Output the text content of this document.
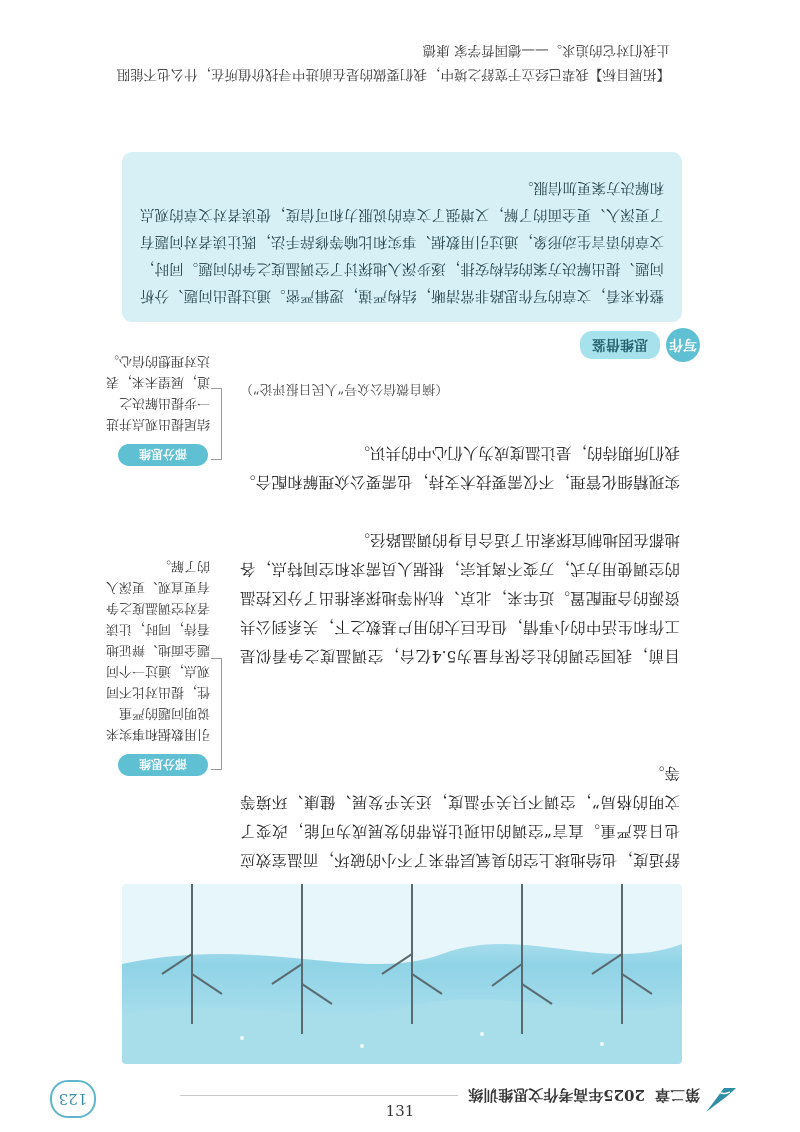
第二章
2025年高考作文思维训练
123
舒适度，也给地球上空的臭氧层带来了不小的破坏，而温室效应也日益严重。直言“空调的出现让热带的发展成为可能，改变了文明的格局”，空调不只关乎温度，还关乎发展、健康、环境等等。
目前，我国空调的社会保有量为5.4亿台，空调温度之争看似是工作和生活中的小事情，但在巨大的用户基数之下，关系到公共资源的合理配置。近年来，北京、杭州等地探索推出了分区控温的空调使用方式，万变不离其宗，根据人员需求和空间特点，各地都在因地制宜探索出了适合自身的调温路径。
实现精细化管理，不仅需要技术支持，也需要公众理解和配合。我们所期待的，是让温度成为人们心中的共识。
（摘自微信公众号“人民日报评论”）
部分思维
引用数据和事实来说明问题的严重性，提出对比不同观点，通过一个问题全面地、辩证地看待，同时，让读者对空调温度之争有更直观、更深入的了解。
部分思维
结尾提出观点并进一步提出解决之道，展望未来，表达对理想的信心。
写作
思维借鉴
整体来看，文章的写作思路非常清晰，结构严谨，逻辑严密。通过提出问题、分析问题、提出解决方案的结构安排，逐步深入地探讨了空调温度之争的问题。同时，文章的语言生动形象，通过引用数据、事实和比喻等修辞手法，既让读者对问题有了更深入、更全面的了解，又增强了文章的说服力和可信度，使读者对文章的观点和解决方案更加信服。
【拓展目标】我辈已经立于宽舒之境中，我们要做的是在前进中寻找价值所在，什么也不能阻止我们对它的追求。——德国哲学家 康德
131
